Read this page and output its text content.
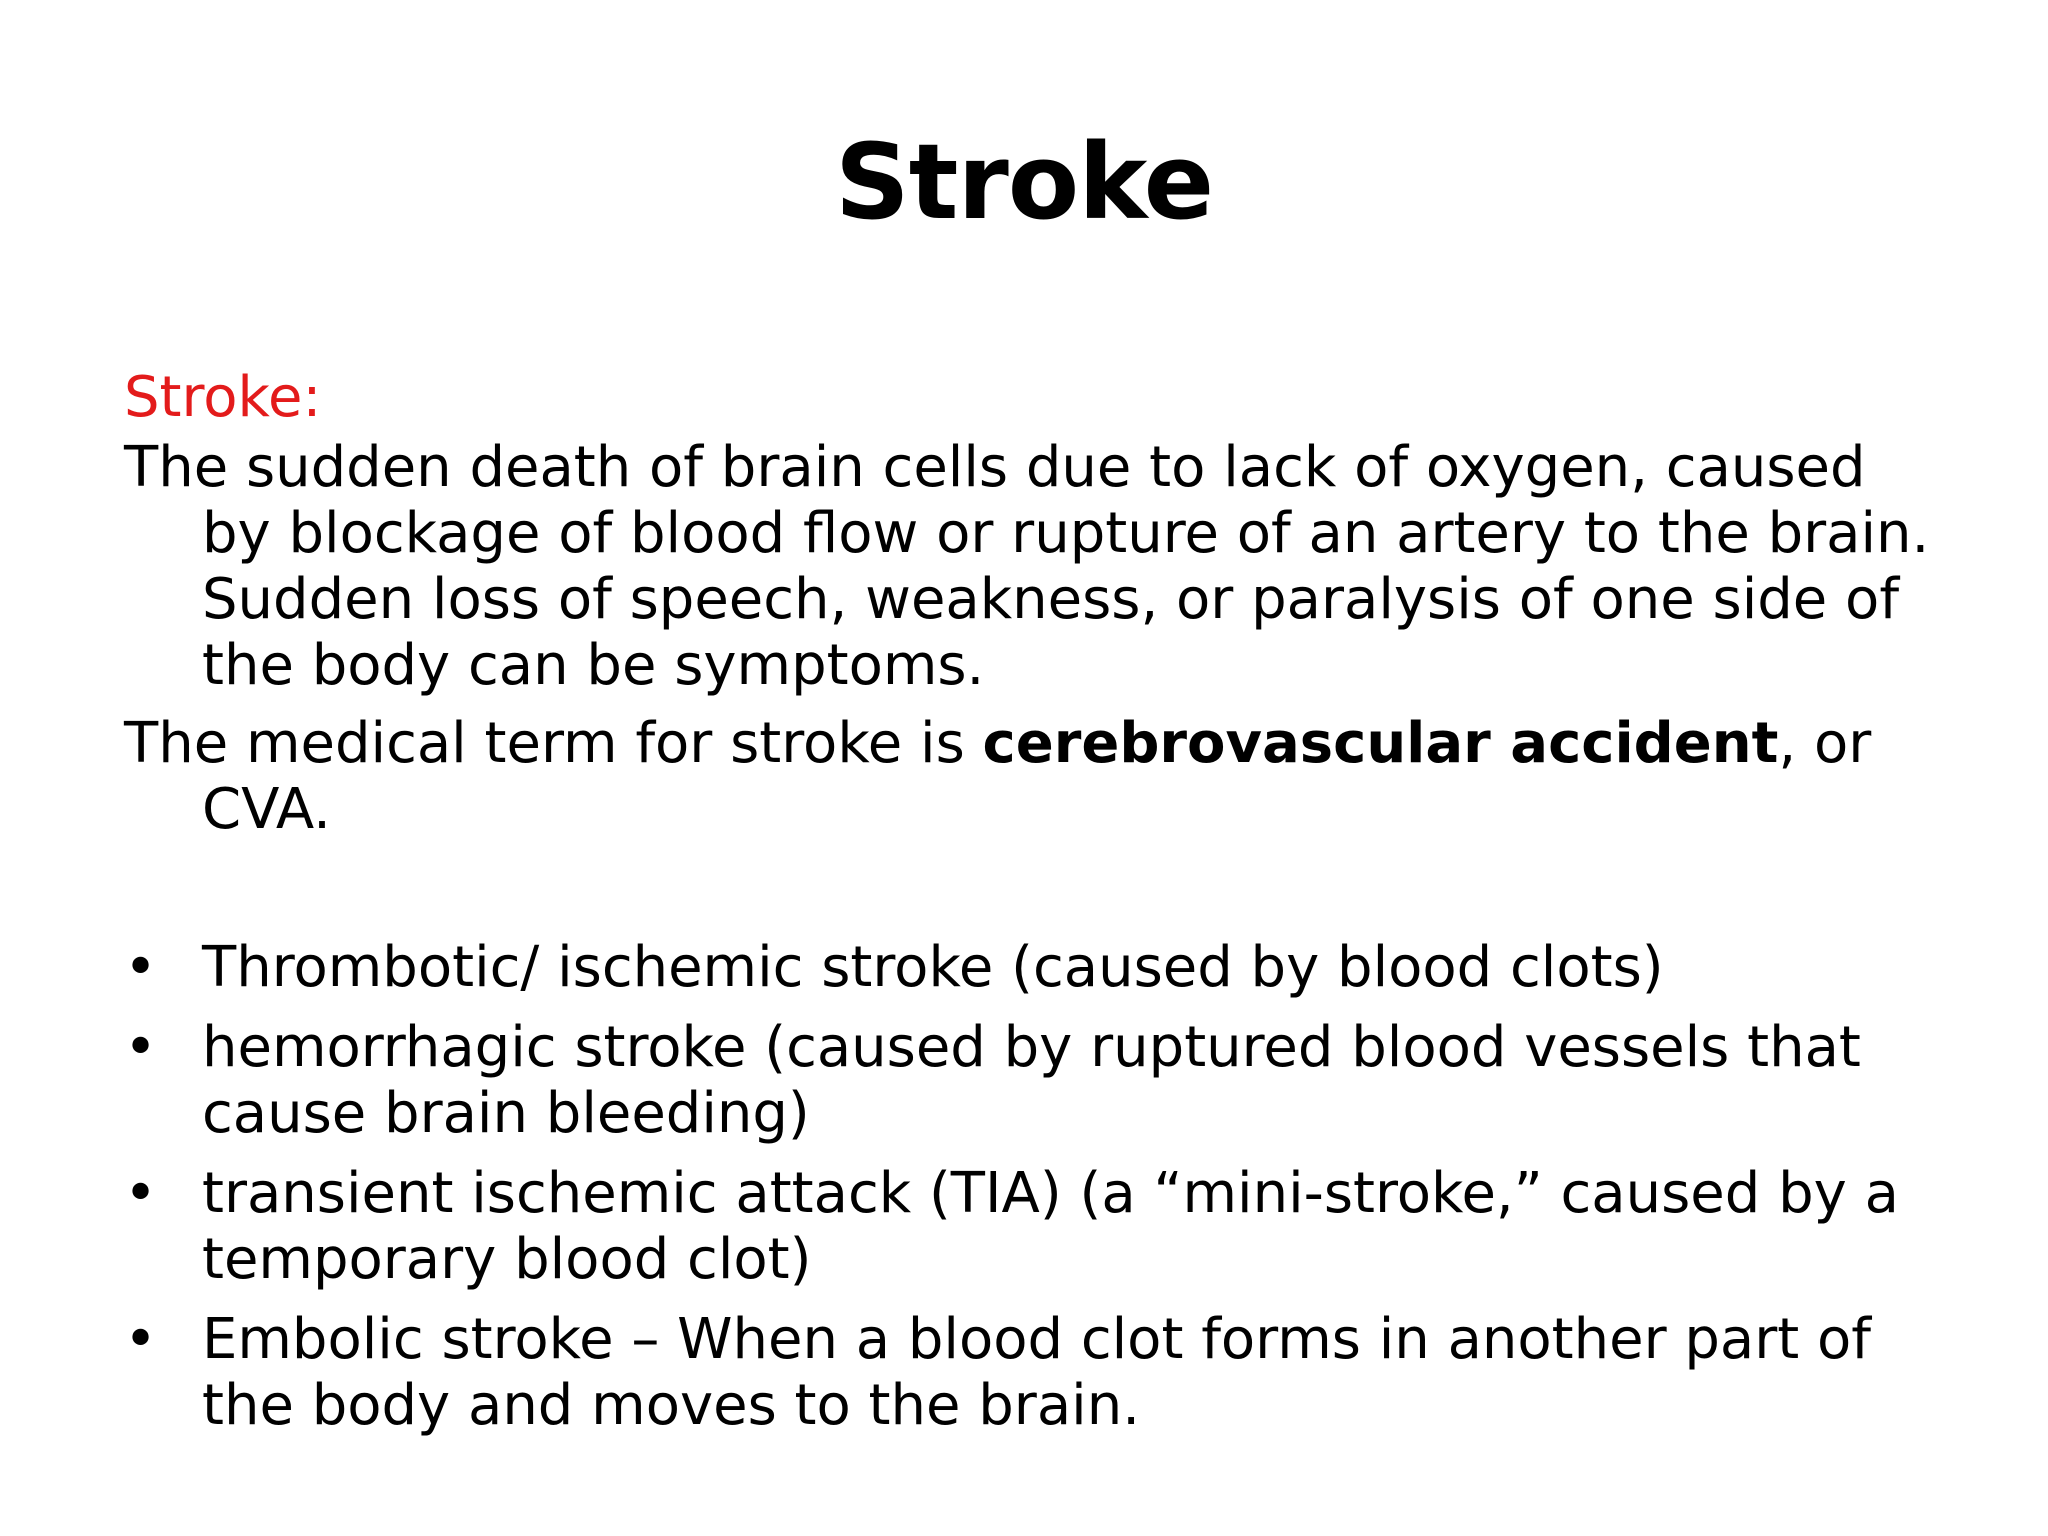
Stroke

Stroke:

The sudden death of brain cells due to lack of oxygen, caused by blockage of blood flow or rupture of an artery to the brain. Sudden loss of speech, weakness, or paralysis of one side of the body can be symptoms.

The medical term for stroke is cerebrovascular accident, or CVA.

• Thrombotic/ ischemic stroke (caused by blood clots)
• hemorrhagic stroke (caused by ruptured blood vessels that cause brain bleeding)
• transient ischemic attack (TIA) (a “mini-stroke,” caused by a temporary blood clot)
• Embolic stroke – When a blood clot forms in another part of the body and moves to the brain.
